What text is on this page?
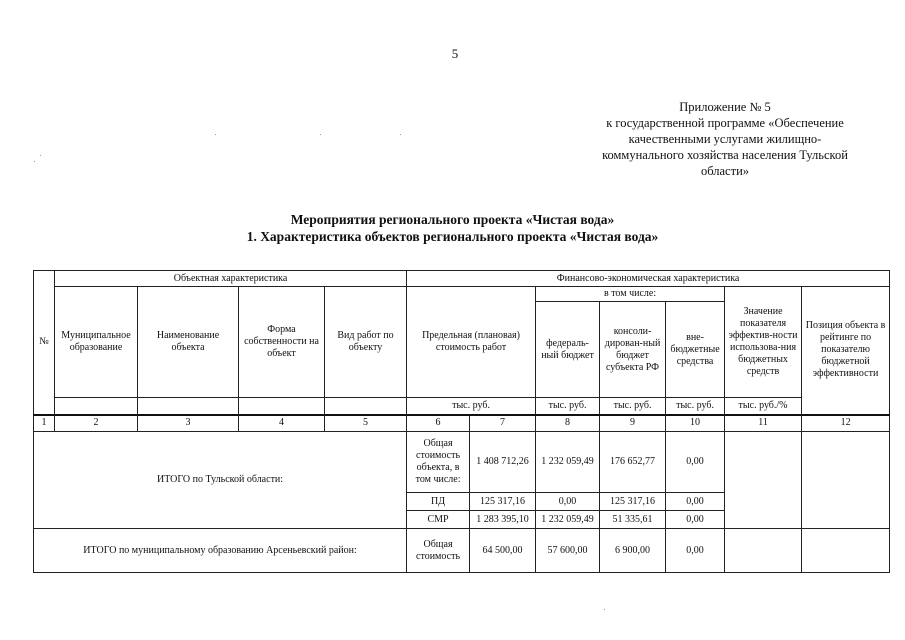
5
Приложение № 5
к государственной программе «Обеспечение
качественными услугами жилищно-
коммунального хозяйства населения Тульской
области»
Мероприятия регионального проекта «Чистая вода»
1. Характеристика объектов регионального проекта «Чистая вода»
№	Объектная характеристика				Финансово-экономическая характеристика						
	Муниципальное образование	Наименование объекта	Форма собственности на объект	Вид работ по объекту	Предельная (плановая) стоимость работ		в том числе:			Значение показателя эффектив-ности использова-ния бюджетных средств	Позиция объекта в рейтинге по показателю бюджетной эффективности
							федераль-ный бюджет	консоли-дирован-ный бюджет субъекта РФ	вне-бюджетные средства		
					тыс. руб.		тыс. руб.	тыс. руб.	тыс. руб.	тыс. руб./%	
1	2	3	4	5	6	7	8	9	10	11	12
ИТОГО по Тульской области:					Общая стоимость объекта, в том числе:	1 408 712,26	1 232 059,49	176 652,77	0,00		
					ПД	125 317,16	0,00	125 317,16	0,00		
					СМР	1 283 395,10	1 232 059,49	51 335,61	0,00		
ИТОГО по муниципальному образованию Арсеньевский район:					Общая стоимость	64 500,00	57 600,00	6 900,00	0,00		
